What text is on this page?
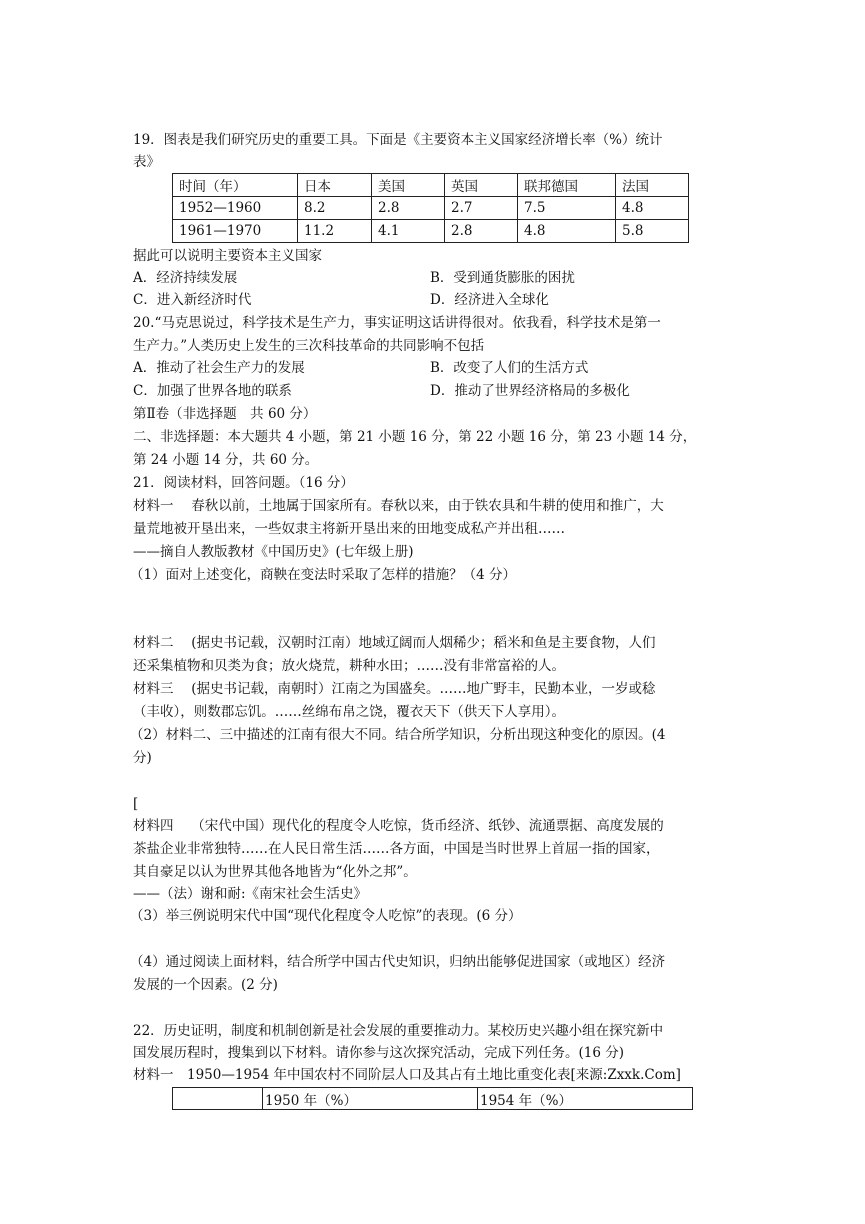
19．图表是我们研究历史的重要工具。下面是《主要资本主义国家经济增长率（%）统计
表》
时间（年）	日本	美国	英国	联邦德国	法国
1952—1960	8.2	2.8	2.7	7.5	4.8
1961—1970	11.2	4.1	2.8	4.8	5.8
据此可以说明主要资本主义国家
A．经济持续发展	B．受到通货膨胀的困扰
C．进入新经济时代	D．经济进入全球化
20.“马克思说过，科学技术是生产力，事实证明这话讲得很对。依我看，科学技术是第一
生产力。”人类历史上发生的三次科技革命的共同影响不包括
A．推动了社会生产力的发展	B．改变了人们的生活方式
C．加强了世界各地的联系	D．推动了世界经济格局的多极化
第Ⅱ卷（非选择题　共 60 分）
二、非选择题：本大题共 4 小题，第 21 小题 16 分，第 22 小题 16 分，第 23 小题 14 分，
第 24 小题 14 分，共 60 分。
21．阅读材料，回答问题。（16 分）
材料一　 春秋以前，土地属于国家所有。春秋以来，由于铁农具和牛耕的使用和推广，大
量荒地被开垦出来，一些奴隶主将新开垦出来的田地变成私产并出租……
——摘自人教版教材《中国历史》(七年级上册)
（1）面对上述变化，商鞅在变法时采取了怎样的措施？（4 分）
材料二　 (据史书记载，汉朝时江南）地域辽阔而人烟稀少；稻米和鱼是主要食物，人们
还采集植物和贝类为食；放火烧荒，耕种水田；……没有非常富裕的人。
材料三　 (据史书记载，南朝时）江南之为国盛矣。……地广野丰，民勤本业，一岁或稔
（丰收），则数郡忘饥。……丝绵布帛之饶，覆衣天下（供天下人享用）。
（2）材料二、三中描述的江南有很大不同。结合所学知识，分析出现这种变化的原因。(4
分)
[
材料四　 （宋代中国）现代化的程度令人吃惊，货币经济、纸钞、流通票据、高度发展的
茶盐企业非常独特……在人民日常生活……各方面，中国是当时世界上首屈一指的国家，
其自豪足以认为世界其他各地皆为“化外之邦”。
——（法）谢和耐:《南宋社会生活史》
（3）举三例说明宋代中国“现代化程度令人吃惊”的表现。(6 分）
（4）通过阅读上面材料，结合所学中国古代史知识，归纳出能够促进国家（或地区）经济
发展的一个因素。(2 分)
22．历史证明，制度和机制创新是社会发展的重要推动力。某校历史兴趣小组在探究新中
国发展历程时，搜集到以下材料。请你参与这次探究活动，完成下列任务。(16 分)
材料一　1950—1954 年中国农村不同阶层人口及其占有土地比重变化表[来源:Zxxk.Com]
	1950 年（%）	1954 年（%）
